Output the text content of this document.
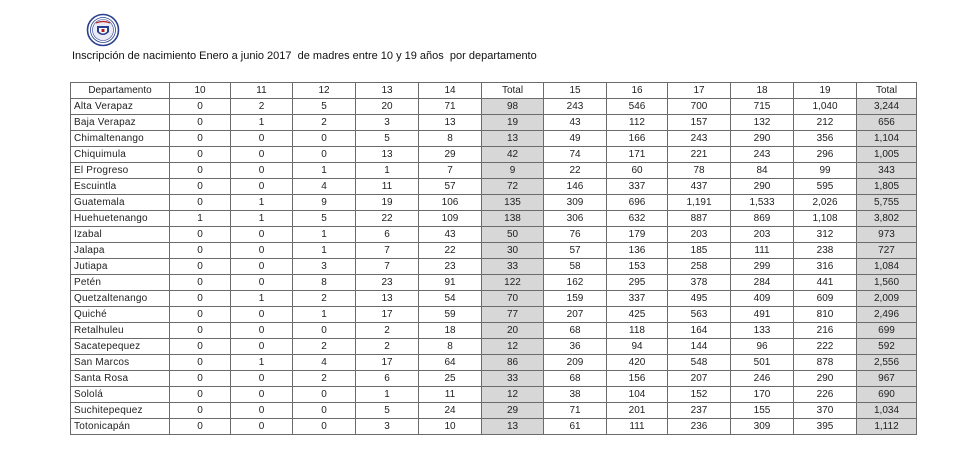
Inscripción de nacimiento Enero a junio 2017  de madres entre 10 y 19 años  por departamento
Departamento	10	11	12	13	14	Total	15	16	17	18	19	Total
Alta Verapaz	0	2	5	20	71	98	243	546	700	715	1,040	3,244
Baja Verapaz	0	1	2	3	13	19	43	112	157	132	212	656
Chimaltenango	0	0	0	5	8	13	49	166	243	290	356	1,104
Chiquimula	0	0	0	13	29	42	74	171	221	243	296	1,005
El Progreso	0	0	1	1	7	9	22	60	78	84	99	343
Escuintla	0	0	4	11	57	72	146	337	437	290	595	1,805
Guatemala	0	1	9	19	106	135	309	696	1,191	1,533	2,026	5,755
Huehuetenango	1	1	5	22	109	138	306	632	887	869	1,108	3,802
Izabal	0	0	1	6	43	50	76	179	203	203	312	973
Jalapa	0	0	1	7	22	30	57	136	185	111	238	727
Jutiapa	0	0	3	7	23	33	58	153	258	299	316	1,084
Petén	0	0	8	23	91	122	162	295	378	284	441	1,560
Quetzaltenango	0	1	2	13	54	70	159	337	495	409	609	2,009
Quiché	0	0	1	17	59	77	207	425	563	491	810	2,496
Retalhuleu	0	0	0	2	18	20	68	118	164	133	216	699
Sacatepequez	0	0	2	2	8	12	36	94	144	96	222	592
San Marcos	0	1	4	17	64	86	209	420	548	501	878	2,556
Santa Rosa	0	0	2	6	25	33	68	156	207	246	290	967
Sololá	0	0	0	1	11	12	38	104	152	170	226	690
Suchitepequez	0	0	0	5	24	29	71	201	237	155	370	1,034
Totonicapán	0	0	0	3	10	13	61	111	236	309	395	1,112
